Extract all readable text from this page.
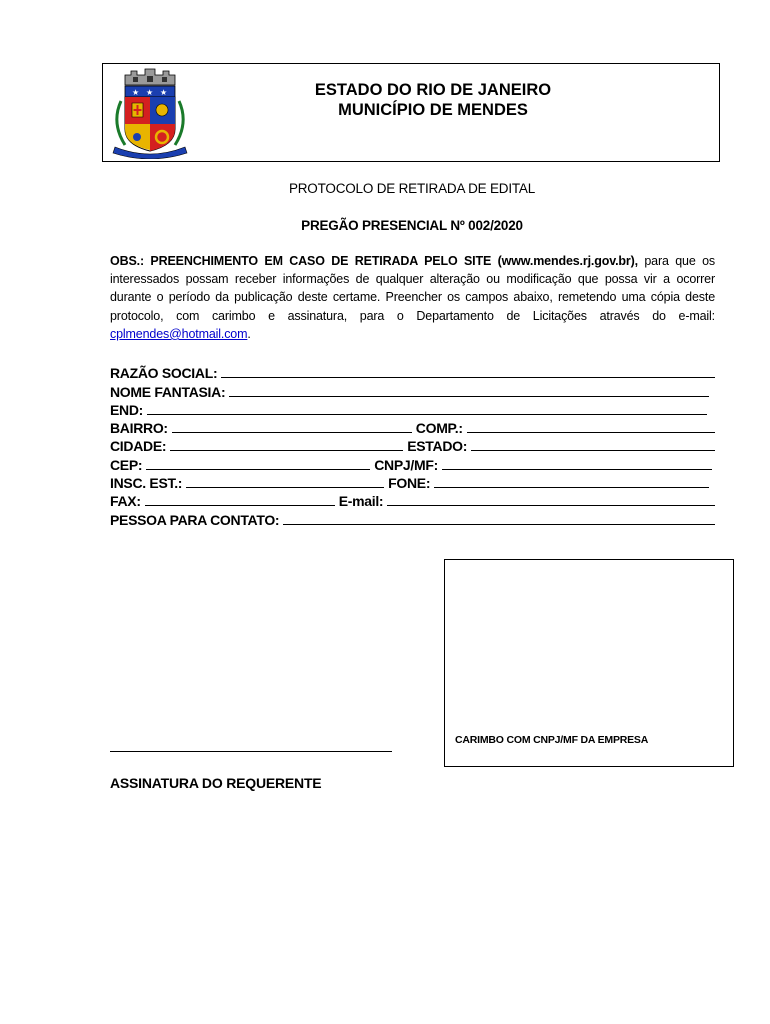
★ ★ ★	ESTADO DO RIO DE JANEIRO
MUNICÍPIO DE MENDES
PROTOCOLO DE RETIRADA DE EDITAL
PREGÃO PRESENCIAL Nº 002/2020
OBS.: PREENCHIMENTO EM CASO DE RETIRADA PELO SITE (www.mendes.rj.gov.br), para que os interessados possam receber informações de qualquer alteração ou modificação que possa vir a ocorrer durante o período da publicação deste certame. Preencher os campos abaixo, remetendo uma cópia deste protocolo, com carimbo e assinatura, para o Departamento de Licitações através do e-mail: cplmendes@hotmail.com.
RAZÃO SOCIAL:
NOME FANTASIA:
END:
BAIRRO:	COMP.:
CIDADE:	ESTADO:
CEP:	CNPJ/MF:
INSC. EST.:	FONE:
FAX:	E-mail:
PESSOA PARA CONTATO:
CARIMBO COM CNPJ/MF DA EMPRESA
ASSINATURA DO REQUERENTE
